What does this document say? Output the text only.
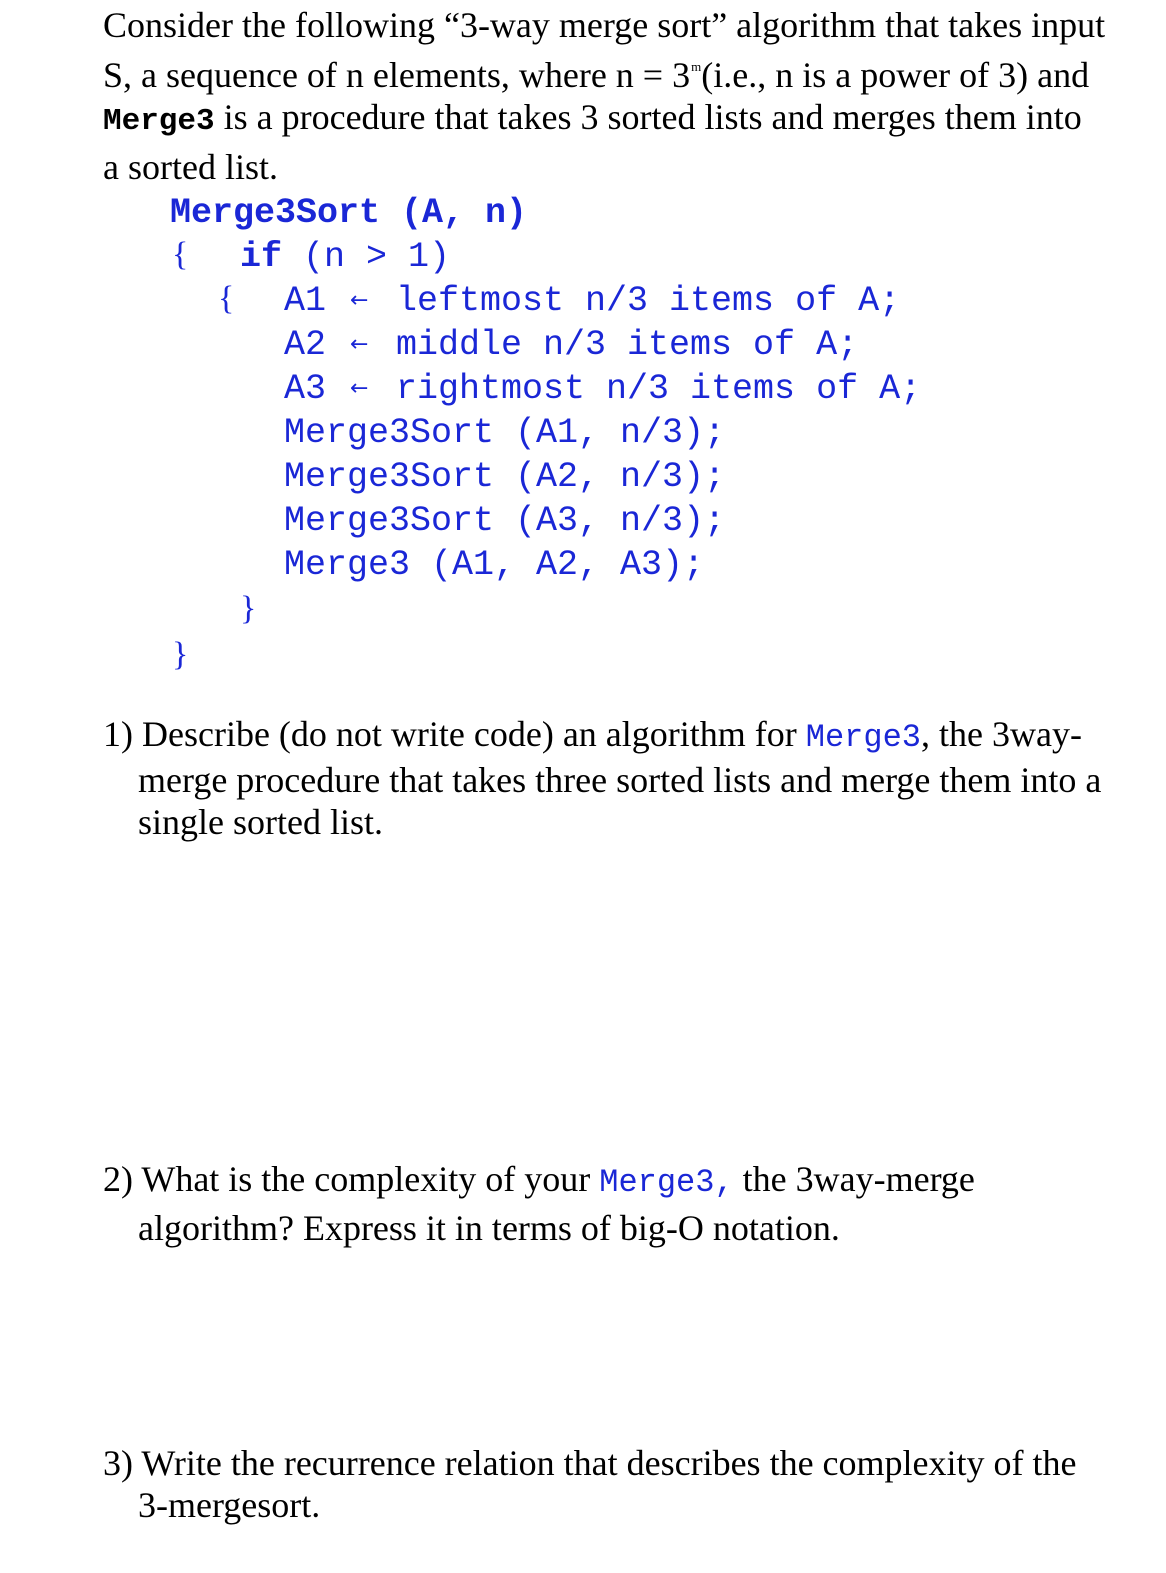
Consider the following “3-way merge sort” algorithm that takes input
S, a sequence of n elements, where $n = 3^m(i.e$., n is a power of 3) and
Merge3 is a procedure that takes 3 sorted lists and merges them into
a sorted list.
Merge3Sort (A, n)
{ if (n > 1)
{ A1 ← leftmost n/3 items of A;
A2 ← middle n/3 items of A;
A3 ← rightmost n/3 items of A;
Merge3Sort (A1, n/3);
Merge3Sort (A2, n/3);
Merge3Sort (A3, n/3);
Merge3 (A1, A2, A3);
}
}
1) Describe (do not write code) an algorithm for Merge3, the 3way-
merge procedure that takes three sorted lists and merge them into a
single sorted list.
2) What is the complexity of your Merge3, the 3way-merge
algorithm? Express it in terms of big-O notation.
3) Write the recurrence relation that describes the complexity of the
3-mergesort.
